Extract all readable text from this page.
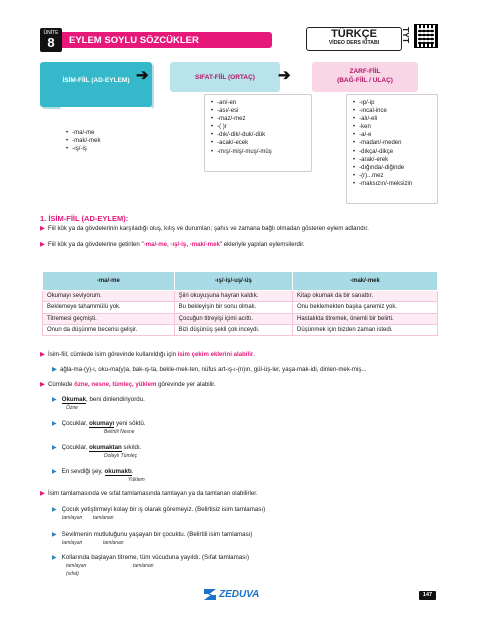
ÜNİTE
8	EYLEM SOYLU SÖZCÜKLER
TÜRKÇE
VİDEO DERS KİTABI	TYT
İSİM-FİİL (AD-EYLEM) ➔	SIFAT-FİİL (ORTAÇ)	➔	ZARF-FİİL
(BAĞ-FİİL / ULAÇ)
• -ma/-me
• -mak/-mek
• -ış/-iş
• -an/-en
• -ası/-esi
• -maz/-mez
• -( )r
• -dık/-dik/-duk/-dük
• -acak/-ecek
• -mış/-miş/-muş/-müş
• -ıp/-ip
• -ıncal-ince
• -alı/-eli
• -ken
• -a/-e
• -madan/-meden
• -dıkça/-dikçe
• -arak/-erek
• -dığında/-diğinde
• -(r)...mez
• -maksızın/-meksizin
1. İSİM-FİİL (AD-EYLEM):
▶ Fiil kök ya da gövdelerinin karşıladığı oluş, kılış ve durumları; şahıs ve zamana bağlı olmadan gösteren eylem adlarıdır.
▶ Fiil kök ya da gövdelerine getirilen "-ma/-me, -ış/-iş, -mak/-mek" ekleriyle yapılan eylemsilerdir.
-ma/-me	-ış/-iş/-uş/-üş	-mak/-mek
Okumayı seviyorum.	Şiiri okuyuşuna hayran kaldık.	Kitap okumak da bir sanattır.
Beklemeye tahammülü yok.	Bu bekleyişin bir sonu olmalı.	Onu beklemekten başka çaremiz yok.
Titremesi geçmişti.	Çocuğun titreyişi içimi acıttı.	Hastalıkta titremek, önemli bir belirti.
Onun da düşünme becerisi gelişir.	Bizi düşünüş şekli çok inceydi.	Düşünmek için bizden zaman istedi.
▶ İsim-fiil, cümlede isim görevinde kullanıldığı için isim çekim eklerini alabilir.
▶ ağla-ma-(y)-ı, oku-ma(y)a, bak-ış-ta, bekle-mek-ten, nüfus art-ış-ı-(n)ın, gül-üş-ler, yaşa-mak-idi, dinlen-mek-miş...
▶ Cümlede özne, nesne, tümleç, yüklem görevinde yer alabilir.
▶ Okumak, beni dinlendiriyordu.
Özne
▶ Çocuklar, okumayı yeni söktü.
Belirtili Nesne
▶ Çocuklar, okumaktan sıkıldı.
Dolaylı Tümleç
▶ En sevdiği şey, okumaktı.
Yüklem
▶ İsim tamlamasında ve sıfat tamlamasında tamlayan ya da tamlanan olabilirler.
▶ Çocuk yetiştirmeyi kolay bir iş olarak göremeyiz. (Belirtisiz isim tamlaması)
tamlayan tamlanan
▶ Sevilmenin mutluluğunu yaşayan bir çocuktu. (Belirtili isim tamlaması)
tamlayan	tamlanan
▶ Kollarında başlayan titreme, tüm vücuduna yayıldı. (Sıfat tamlaması)
tamlayan	tamlanan
(sıfat)
ZEDUVA	147
